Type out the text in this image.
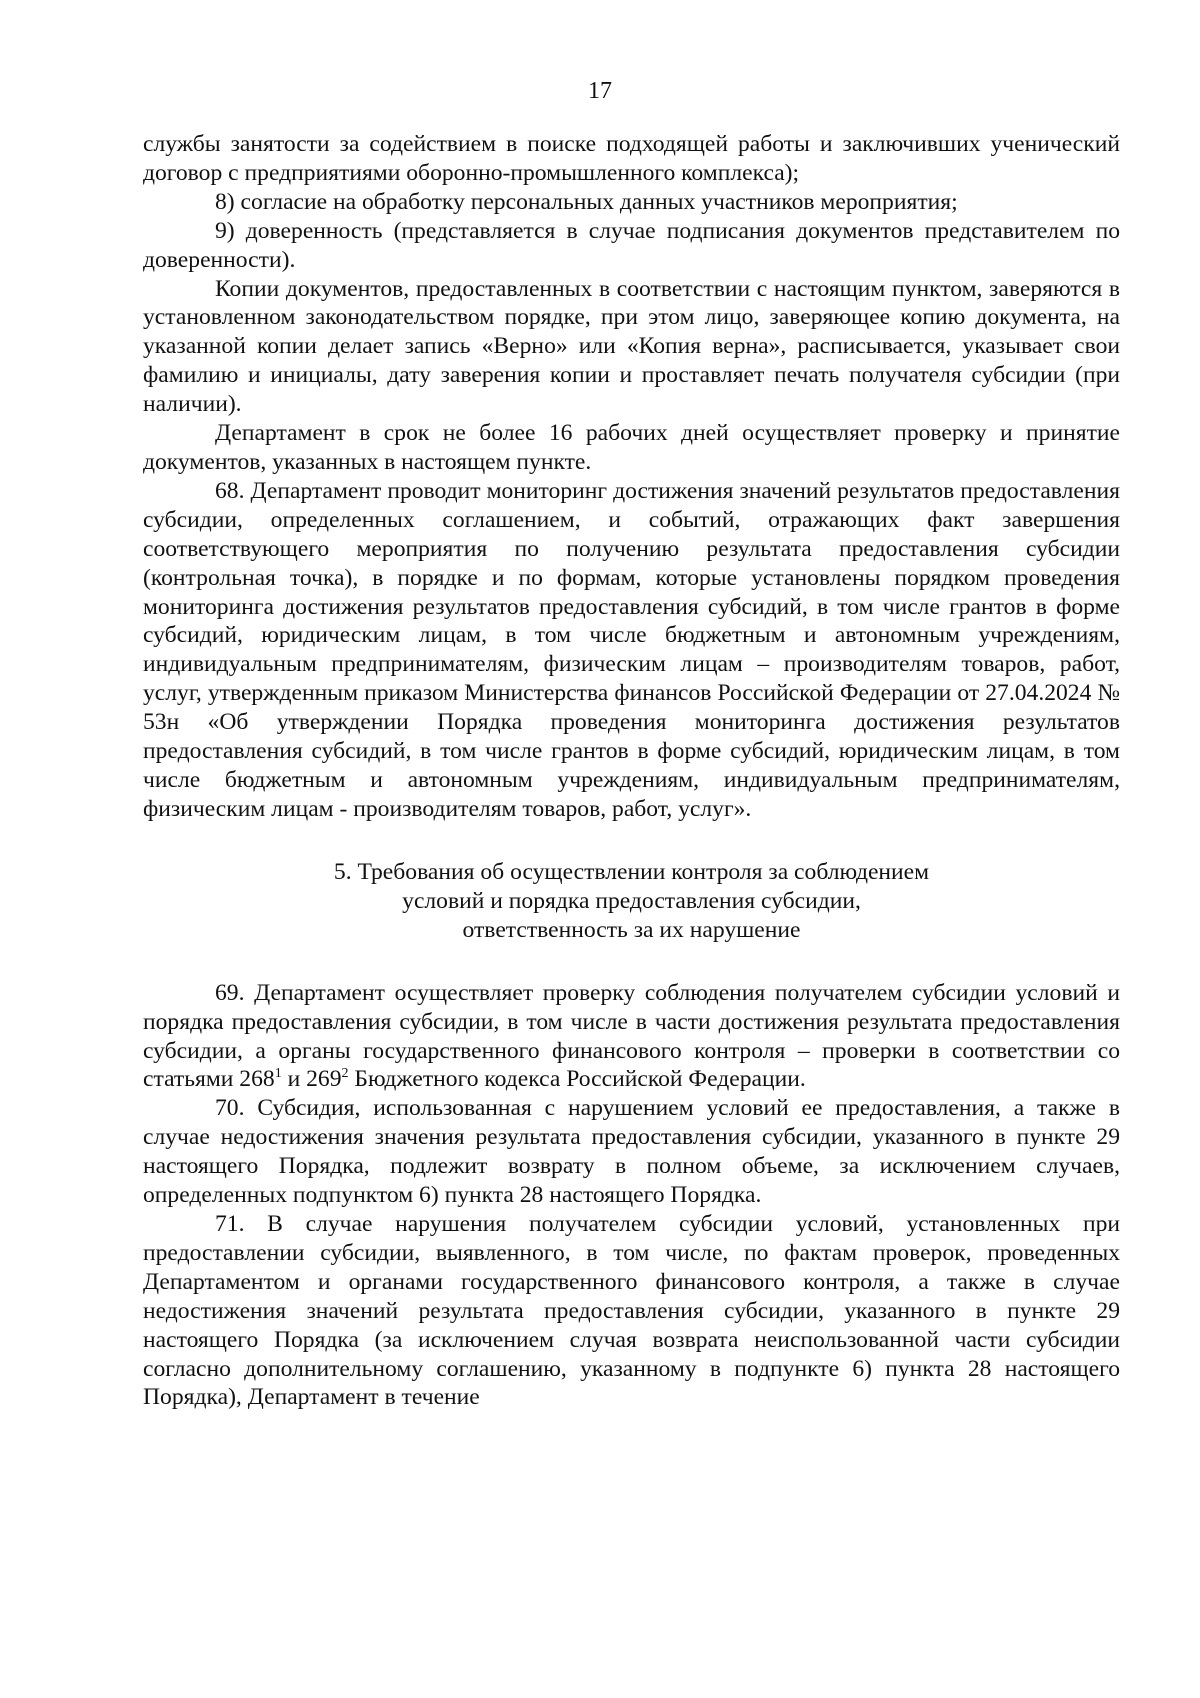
17

службы занятости за содействием в поиске подходящей работы и заключивших ученический договор с предприятиями оборонно-промышленного комплекса);

8) согласие на обработку персональных данных участников мероприятия;

9) доверенность (представляется в случае подписания документов представителем по доверенности).

Копии документов, предоставленных в соответствии с настоящим пунктом, заверяются в установленном законодательством порядке, при этом лицо, заверяющее копию документа, на указанной копии делает запись «Верно» или «Копия верна», расписывается, указывает свои фамилию и инициалы, дату заверения копии и проставляет печать получателя субсидии (при наличии).

Департамент в срок не более 16 рабочих дней осуществляет проверку и принятие документов, указанных в настоящем пункте.

68. Департамент проводит мониторинг достижения значений результатов предоставления субсидии, определенных соглашением, и событий, отражающих факт завершения соответствующего мероприятия по получению результата предоставления субсидии (контрольная точка), в порядке и по формам, которые установлены порядком проведения мониторинга достижения результатов предоставления субсидий, в том числе грантов в форме субсидий, юридическим лицам, в том числе бюджетным и автономным учреждениям, индивидуальным предпринимателям, физическим лицам – производителям товаров, работ, услуг, утвержденным приказом Министерства финансов Российской Федерации от 27.04.2024 № 53н «Об утверждении Порядка проведения мониторинга достижения результатов предоставления субсидий, в том числе грантов в форме субсидий, юридическим лицам, в том числе бюджетным и автономным учреждениям, индивидуальным предпринимателям, физическим лицам - производителям товаров, работ, услуг».

5. Требования об осуществлении контроля за соблюдением
условий и порядка предоставления субсидии,
ответственность за их нарушение

69. Департамент осуществляет проверку соблюдения получателем субсидии условий и порядка предоставления субсидии, в том числе в части достижения результата предоставления субсидии, а органы государственного финансового контроля – проверки в соответствии со статьями $268^1$ и $269^2$ Бюджетного кодекса Российской Федерации.

70. Субсидия, использованная с нарушением условий ее предоставления, а также в случае недостижения значения результата предоставления субсидии, указанного в пункте 29 настоящего Порядка, подлежит возврату в полном объеме, за исключением случаев, определенных подпунктом 6) пункта 28 настоящего Порядка.

71. В случае нарушения получателем субсидии условий, установленных при предоставлении субсидии, выявленного, в том числе, по фактам проверок, проведенных Департаментом и органами государственного финансового контроля, а также в случае недостижения значений результата предоставления субсидии, указанного в пункте 29 настоящего Порядка (за исключением случая возврата неиспользованной части субсидии согласно дополнительному соглашению, указанному в подпункте 6) пункта 28 настоящего Порядка), Департамент в течение
